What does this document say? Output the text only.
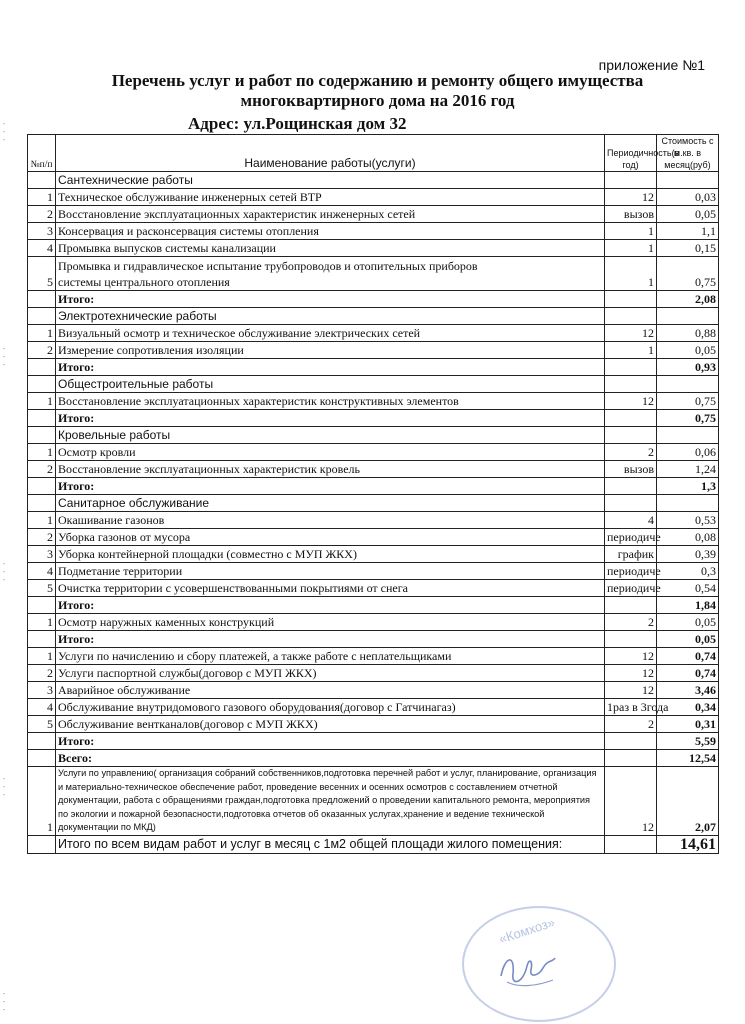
приложение №1
Перечень услуг и работ по содержанию и ремонту общего имущества
многоквартирного дома на 2016 год
Адрес: ул.Рощинская дом 32
-
-
-
-
-
-
-
-
-
-
-
-
-
-
-
№п/п	Наименование работы(услуги)	Периодичность(в год)	Стоимость с м.кв. в месяц(руб)
	Сантехнические работы		
1	Техническое обслуживание инженерных сетей ВТР	12	0,03
2	Восстановление эксплуатационных характеристик инженерных сетей	вызов	0,05
3	Консервация и расконсервация системы отопления	1	1,1
4	Промывка выпусков системы канализации	1	0,15
5	Промывка и гидравлическое испытание трубопроводов и отопительных приборов
системы центрального отопления	1	0,75
	Итого:		2,08
	Электротехнические работы		
1	Визуальный осмотр и техническое обслуживание электрических сетей	12	0,88
2	Измерение сопротивления изоляции	1	0,05
	Итого:		0,93
	Общестроительные работы		
1	Восстановление эксплуатационных характеристик конструктивных элементов	12	0,75
	Итого:		0,75
	Кровельные работы		
1	Осмотр кровли	2	0,06
2	Восстановление эксплуатационных характеристик кровель	вызов	1,24
	Итого:		1,3
	Санитарное обслуживание		
1	Окашивание газонов	4	0,53
2	Уборка газонов от мусора	периодиче	0,08
3	Уборка контейнерной площадки (совместно с МУП ЖКХ)	график	0,39
4	Подметание территории	периодиче	0,3
5	Очистка территории с усовершенствованными покрытиями от снега	периодиче	0,54
	Итого:		1,84
1	Осмотр наружных каменных конструкций	2	0,05
	Итого:		0,05
1	Услуги по начислению и сбору платежей, а также работе с неплательщиками	12	0,74
2	Услуги паспортной службы(договор с МУП ЖКХ)	12	0,74
3	Аварийное обслуживание	12	3,46
4	Обслуживание внутридомового газового оборудования(договор с Гатчинагаз)	1раз в 3года	0,34
5	Обслуживание вентканалов(договор с МУП ЖКХ)	2	0,31
	Итого:		5,59
	Всего:		12,54
1	Услуги по управлению( организация собраний собственников,подготовка перечней работ и услуг, планирование, организация и материально-техническое обеспечение работ, проведение весенних и осенних осмотров с составлением отчетной документации, работа с обращениями граждан,подготовка предложений о проведении капитального ремонта, мероприятия по экологии и пожарной безопасности,подготовка отчетов об оказанных услугах,хранение и ведение технической документации по МКД)	12	2,07
	Итого по всем видам работ и услуг в месяц с 1м2 общей площади жилого помещения:		14,61
«Комхоз»
